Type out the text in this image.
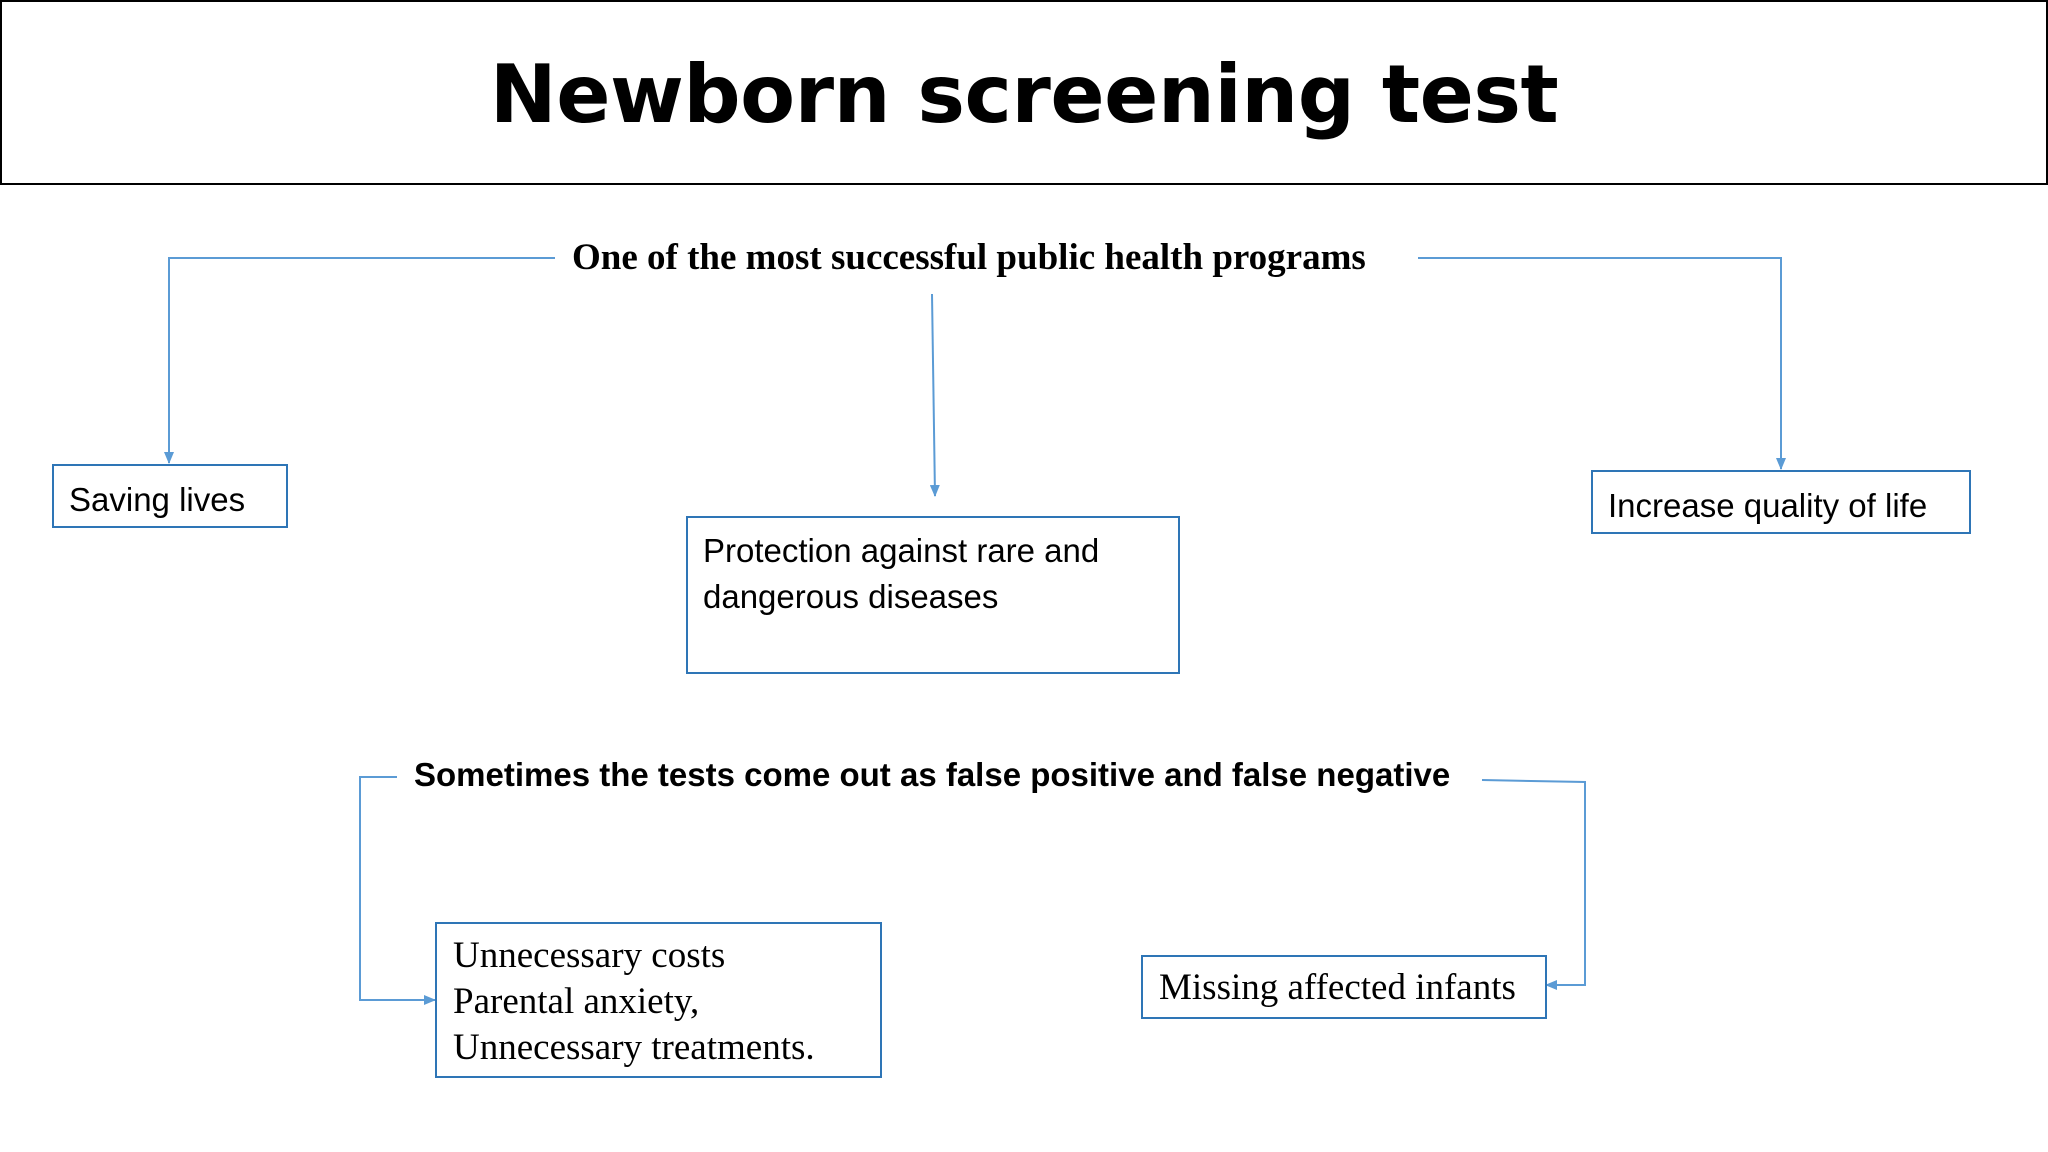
Newborn screening test
One of the most successful public health programs
Saving lives
Protection against rare and dangerous diseases
Increase quality of life
Sometimes the tests come out as false positive and false negative
Unnecessary costs
Parental anxiety,
Unnecessary treatments.
Missing affected infants
